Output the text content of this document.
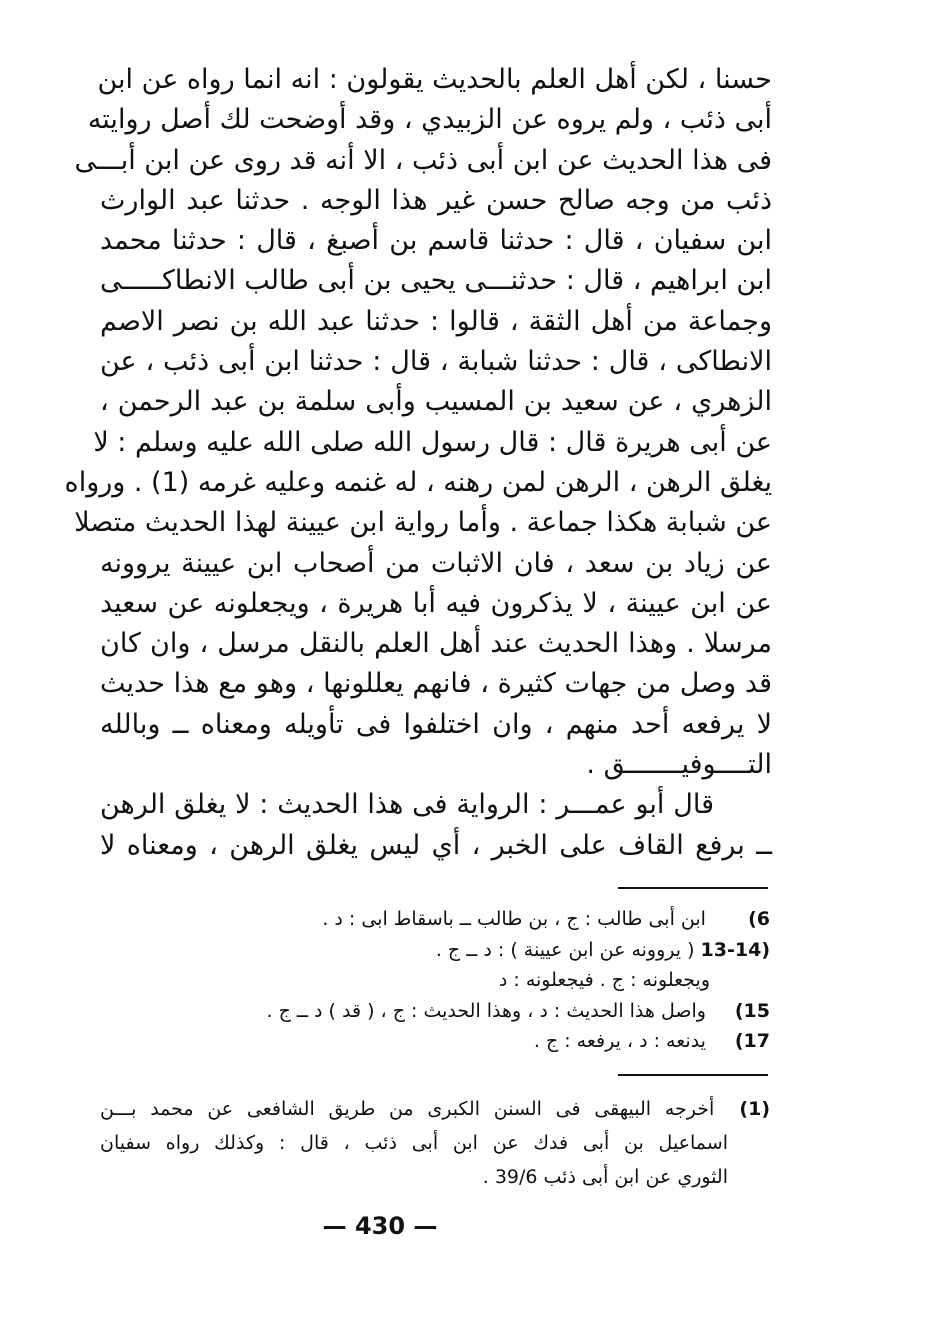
حسنا ، لكن أهل العلم بالحديث يقولون : انه انما رواه عن ابن
أبى ذئب ، ولم يروه عن الزبيدي ، وقد أوضحت لك أصل روايته
فى هذا الحديث عن ابن أبى ذئب ، الا أنه قد روى عن ابن أبـــى
ذئب من وجه صالح حسن غير هذا الوجه . حدثنا عبد الوارث
ابن سفيان ، قال : حدثنا قاسم بن أصبغ ، قال : حدثنا محمد
ابن ابراهيم ، قال : حدثنـــى يحيى بن أبى طالب الانطاكـــــى
وجماعة من أهل الثقة ، قالوا : حدثنا عبد الله بن نصر الاصم
الانطاكى ، قال : حدثنا شبابة ، قال : حدثنا ابن أبى ذئب ، عن
الزهري ، عن سعيد بن المسيب وأبى سلمة بن عبد الرحمن ،
عن أبى هريرة قال : قال رسول الله صلى الله عليه وسلم : لا
يغلق الرهن ، الرهن لمن رهنه ، له غنمه وعليه غرمه (1) . ورواه
عن شبابة هكذا جماعة . وأما رواية ابن عيينة لهذا الحديث متصلا
عن زياد بن سعد ، فان الاثبات من أصحاب ابن عيينة يروونه
عن ابن عيينة ، لا يذكرون فيه أبا هريرة ، ويجعلونه عن سعيد
مرسلا . وهذا الحديث عند أهل العلم بالنقل مرسل ، وان كان
قد وصل من جهات كثيرة ، فانهم يعللونها ، وهو مع هذا حديث
لا يرفعه أحد منهم ، وان اختلفوا فى تأويله ومعناه ــ وبالله
التــــوفيـــــــق .
قال أبو عمـــر : الرواية فى هذا الحديث : لا يغلق الرهن
ــ برفع القاف على الخبر ، أي ليس يغلق الرهن ، ومعناه لا
6) ابن أبى طالب : ج ، بن طالب ــ باسقاط ابى : د .
13-14) ( يروونه عن ابن عيينة ) : د ــ ج .
ويجعلونه : ج . فيجعلونه : د
15) واصل هذا الحديث : د ، وهذا الحديث : ج ، ( قد ) د ــ ج .
17) يدنعه : د ، يرفعه : ج .
(1) أخرجه البيهقى فى السنن الكبرى من طريق الشافعى عن محمد بـــن
اسماعيل بن أبى فدك عن ابن أبى ذئب ، قال : وكذلك رواه سفيان
الثوري عن ابن أبى ذئب 39/6 .
— 430 —
